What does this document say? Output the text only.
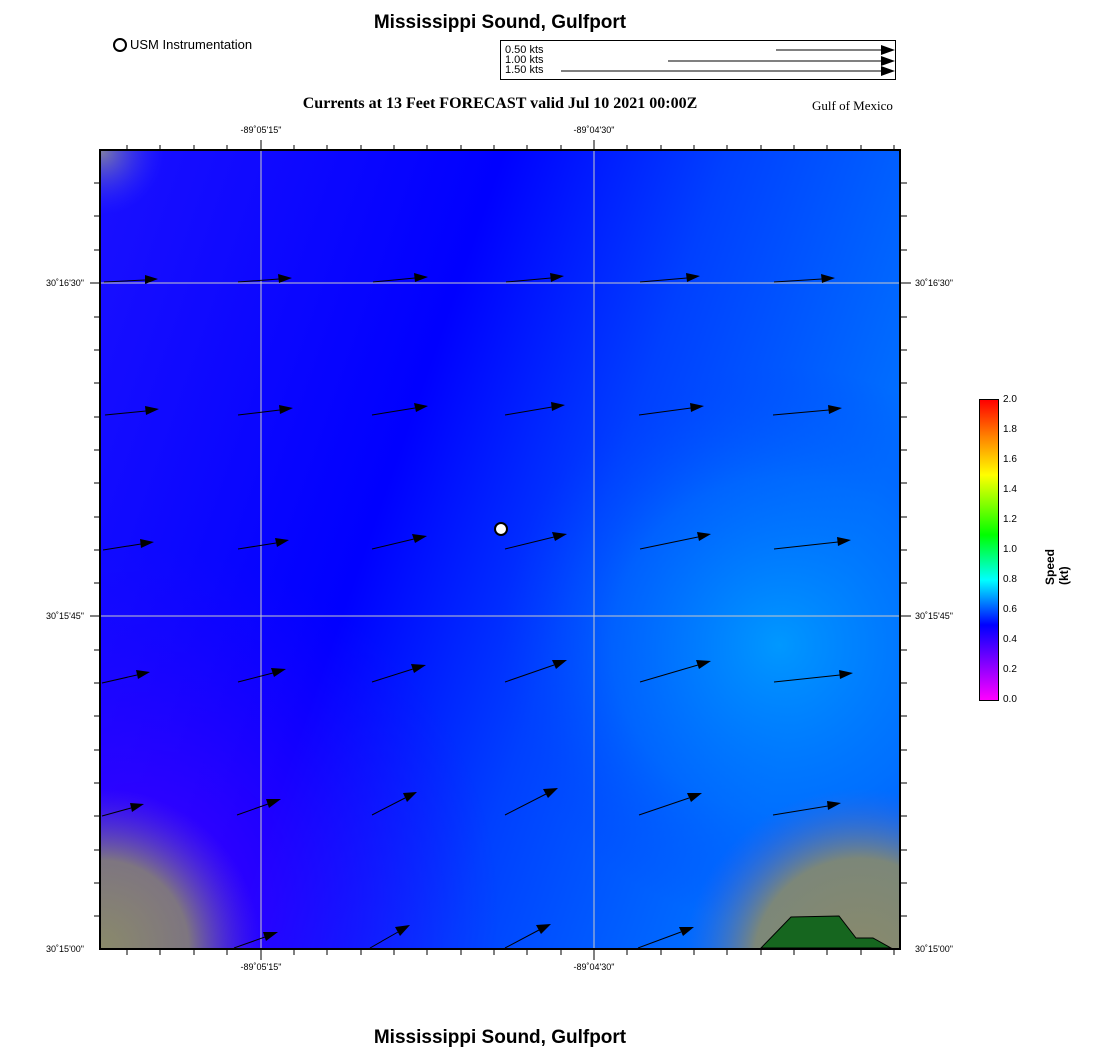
Mississippi Sound, Gulfport
Currents at 13 Feet FORECAST valid Jul 10 2021 00:00Z	Gulf of Mexico
USM Instrumentation	0.50 kts
1.00 kts
1.50 kts
-89˚05'15"	-89˚04'30"
30˚16'30"
30˚15'45"
30˚15'00"
30˚16'30"
30˚15'45"
30˚15'00"
-89˚05'15"	-89˚04'30"
2.0
1.8
1.6
1.4
1.2
1.0
0.8
0.6
0.4
0.2
0.0
Speed (kt)
Mississippi Sound, Gulfport
